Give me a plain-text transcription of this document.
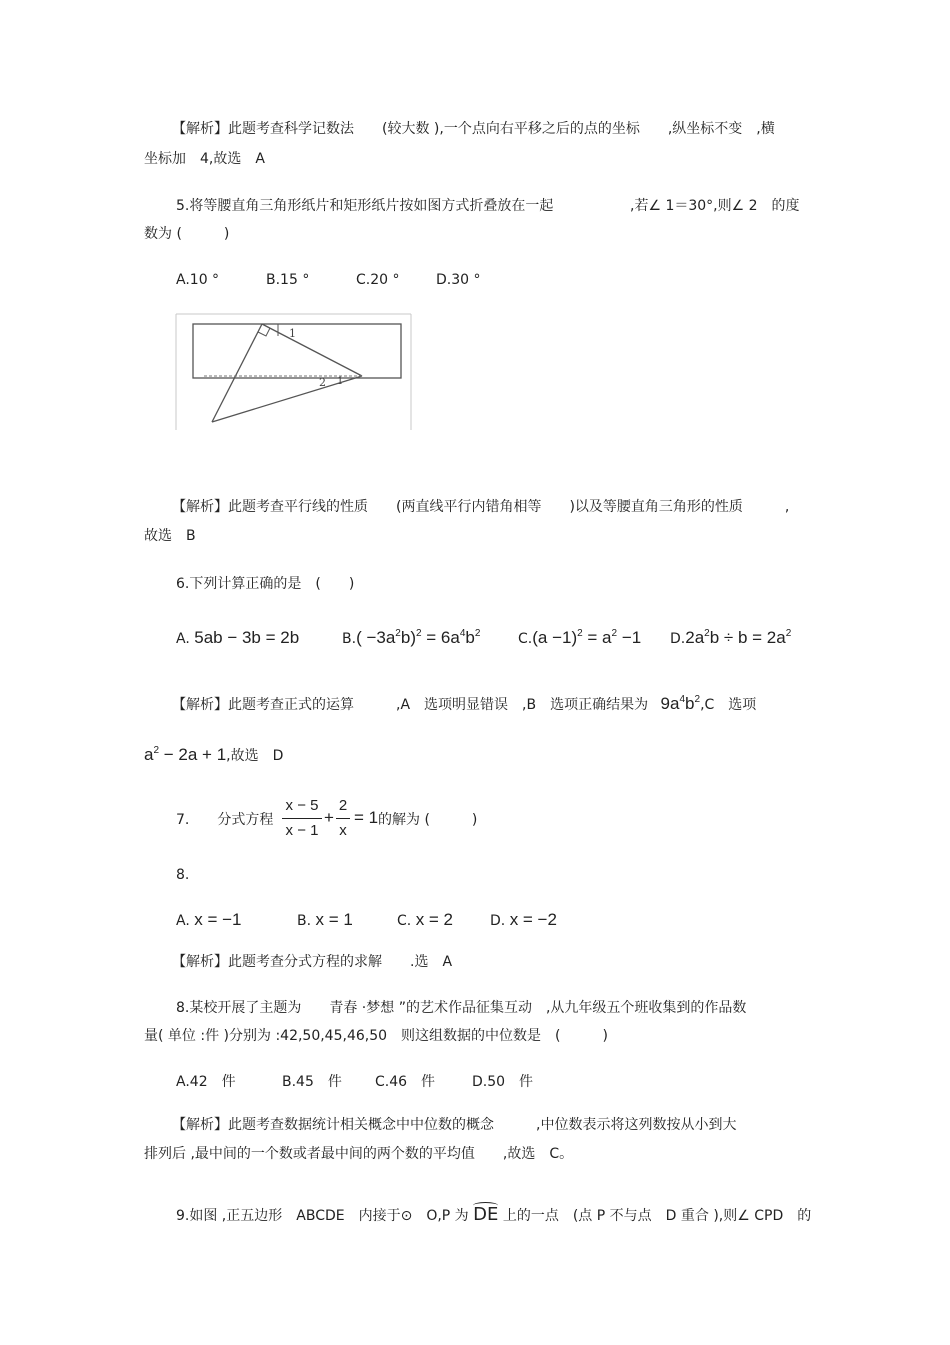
【解析】此题考查科学记数法　　(较大数 ),一个点向右平移之后的点的坐标　　,纵坐标不变　,横
坐标加　4,故选　A
5.将等腰直角三角形纸片和矩形纸片按如图方式折叠放在一起	,若∠ 1＝30°,则∠ 2　的度
数为 (　　　)
A.10 °	B.15 °	C.20 °	D.30 °
1
2 1
【解析】此题考查平行线的性质　　(两直线平行内错角相等　　)以及等腰直角三角形的性质　　　,
故选　B
6.下列计算正确的是　(　　)
A. 5ab − 3b = 2b	$B.( -3a^2b)^2 = 6a^4b^2$	$C.(a -1)^2 = a^2 -1$ $D.2a^2b \div b = 2a^2$
【解析】此题考查正式的运算　　　,A　选项明显错误　,B　选项正确结果为 $9a^4b^2,C$　选项
$a^2 - 2a + 1$,故选　D
7.　　分式方程
x − 5
x − 1
+
2
x
= 1 的解为 (　　　)
8.
A. x = −1	B. x = 1	C. x = 2	D. x = −2
【解析】此题考查分式方程的求解　　.选　A
8.某校开展了主题为　　青春 ·梦想 ”的艺术作品征集互动　,从九年级五个班收集到的作品数
量( 单位 :件 )分别为 :42,50,45,46,50　则这组数据的中位数是　(　　　)
A.42　件	B.45　件 C.46　件	D.50　件
【解析】此题考查数据统计相关概念中中位数的概念　　　,中位数表示将这列数按从小到大
排列后 ,最中间的一个数或者最中间的两个数的平均值　　,故选　C。
9.如图 ,正五边形　ABCDE　内接于⊙　O,P 为 DE 上的一点　(点 P 不与点　D 重合 ),则∠ CPD　的
